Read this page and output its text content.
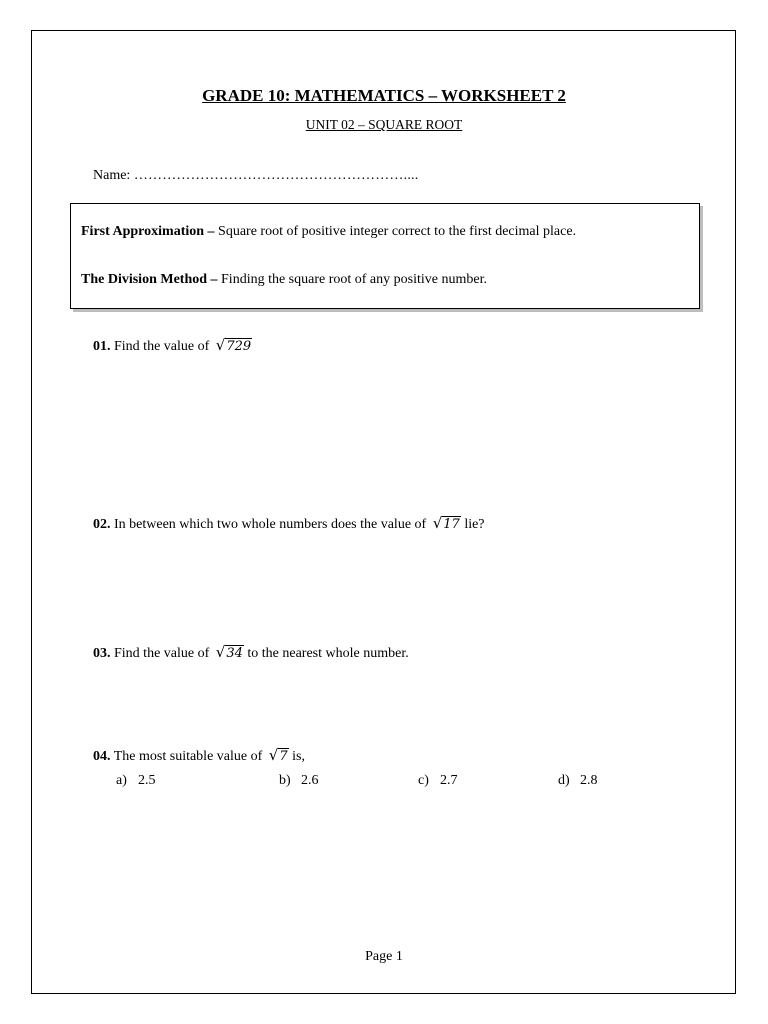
GRADE 10: MATHEMATICS – WORKSHEET 2
UNIT 02 – SQUARE ROOT
Name: …………………………………………………....
First Approximation – Square root of positive integer correct to the first decimal place.
The Division Method – Finding the square root of any positive number.
01. Find the value of √729
02. In between which two whole numbers does the value of √17 lie?
03. Find the value of √34 to the nearest whole number.
04. The most suitable value of √7 is,
a) 2.5	b) 2.6	c) 2.7	d) 2.8
Page 1
